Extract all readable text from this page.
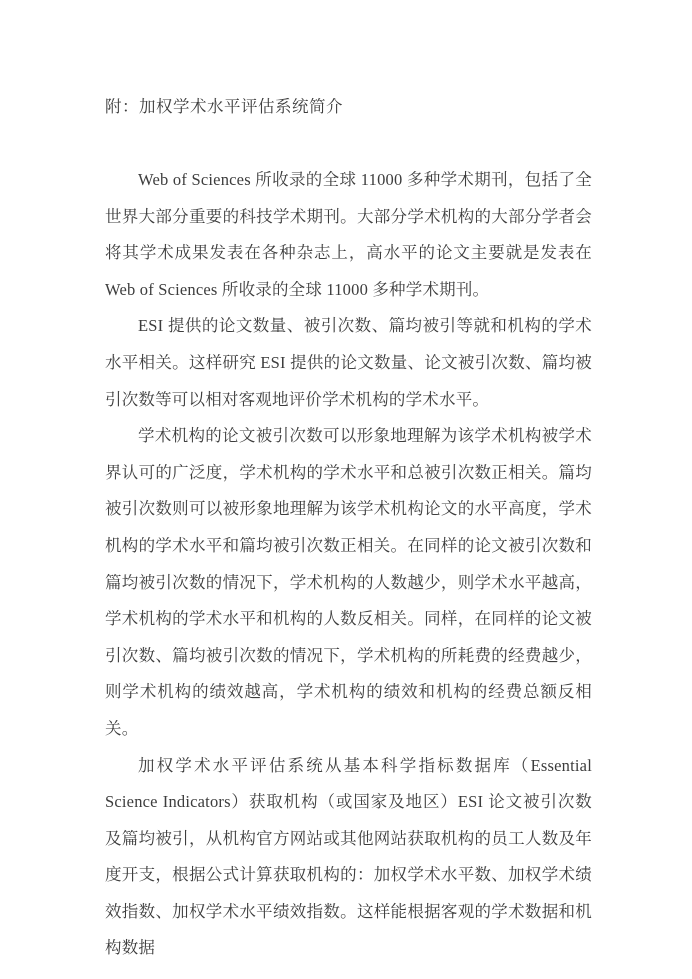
附：加权学术水平评估系统简介

Web of Sciences 所收录的全球 11000 多种学术期刊，包括了全世界大部分重要的科技学术期刊。大部分学术机构的大部分学者会将其学术成果发表在各种杂志上，高水平的论文主要就是发表在 Web of Sciences 所收录的全球 11000 多种学术期刊。

ESI 提供的论文数量、被引次数、篇均被引等就和机构的学术水平相关。这样研究 ESI 提供的论文数量、论文被引次数、篇均被引次数等可以相对客观地评价学术机构的学术水平。

学术机构的论文被引次数可以形象地理解为该学术机构被学术界认可的广泛度，学术机构的学术水平和总被引次数正相关。篇均被引次数则可以被形象地理解为该学术机构论文的水平高度，学术机构的学术水平和篇均被引次数正相关。在同样的论文被引次数和篇均被引次数的情况下，学术机构的人数越少，则学术水平越高，学术机构的学术水平和机构的人数反相关。同样，在同样的论文被引次数、篇均被引次数的情况下，学术机构的所耗费的经费越少，则学术机构的绩效越高，学术机构的绩效和机构的经费总额反相关。

加权学术水平评估系统从基本科学指标数据库（Essential Science Indicators）获取机构（或国家及地区）ESI 论文被引次数及篇均被引，从机构官方网站或其他网站获取机构的员工人数及年度开支，根据公式计算获取机构的：加权学术水平数、加权学术绩效指数、加权学术水平绩效指数。这样能根据客观的学术数据和机构数据
